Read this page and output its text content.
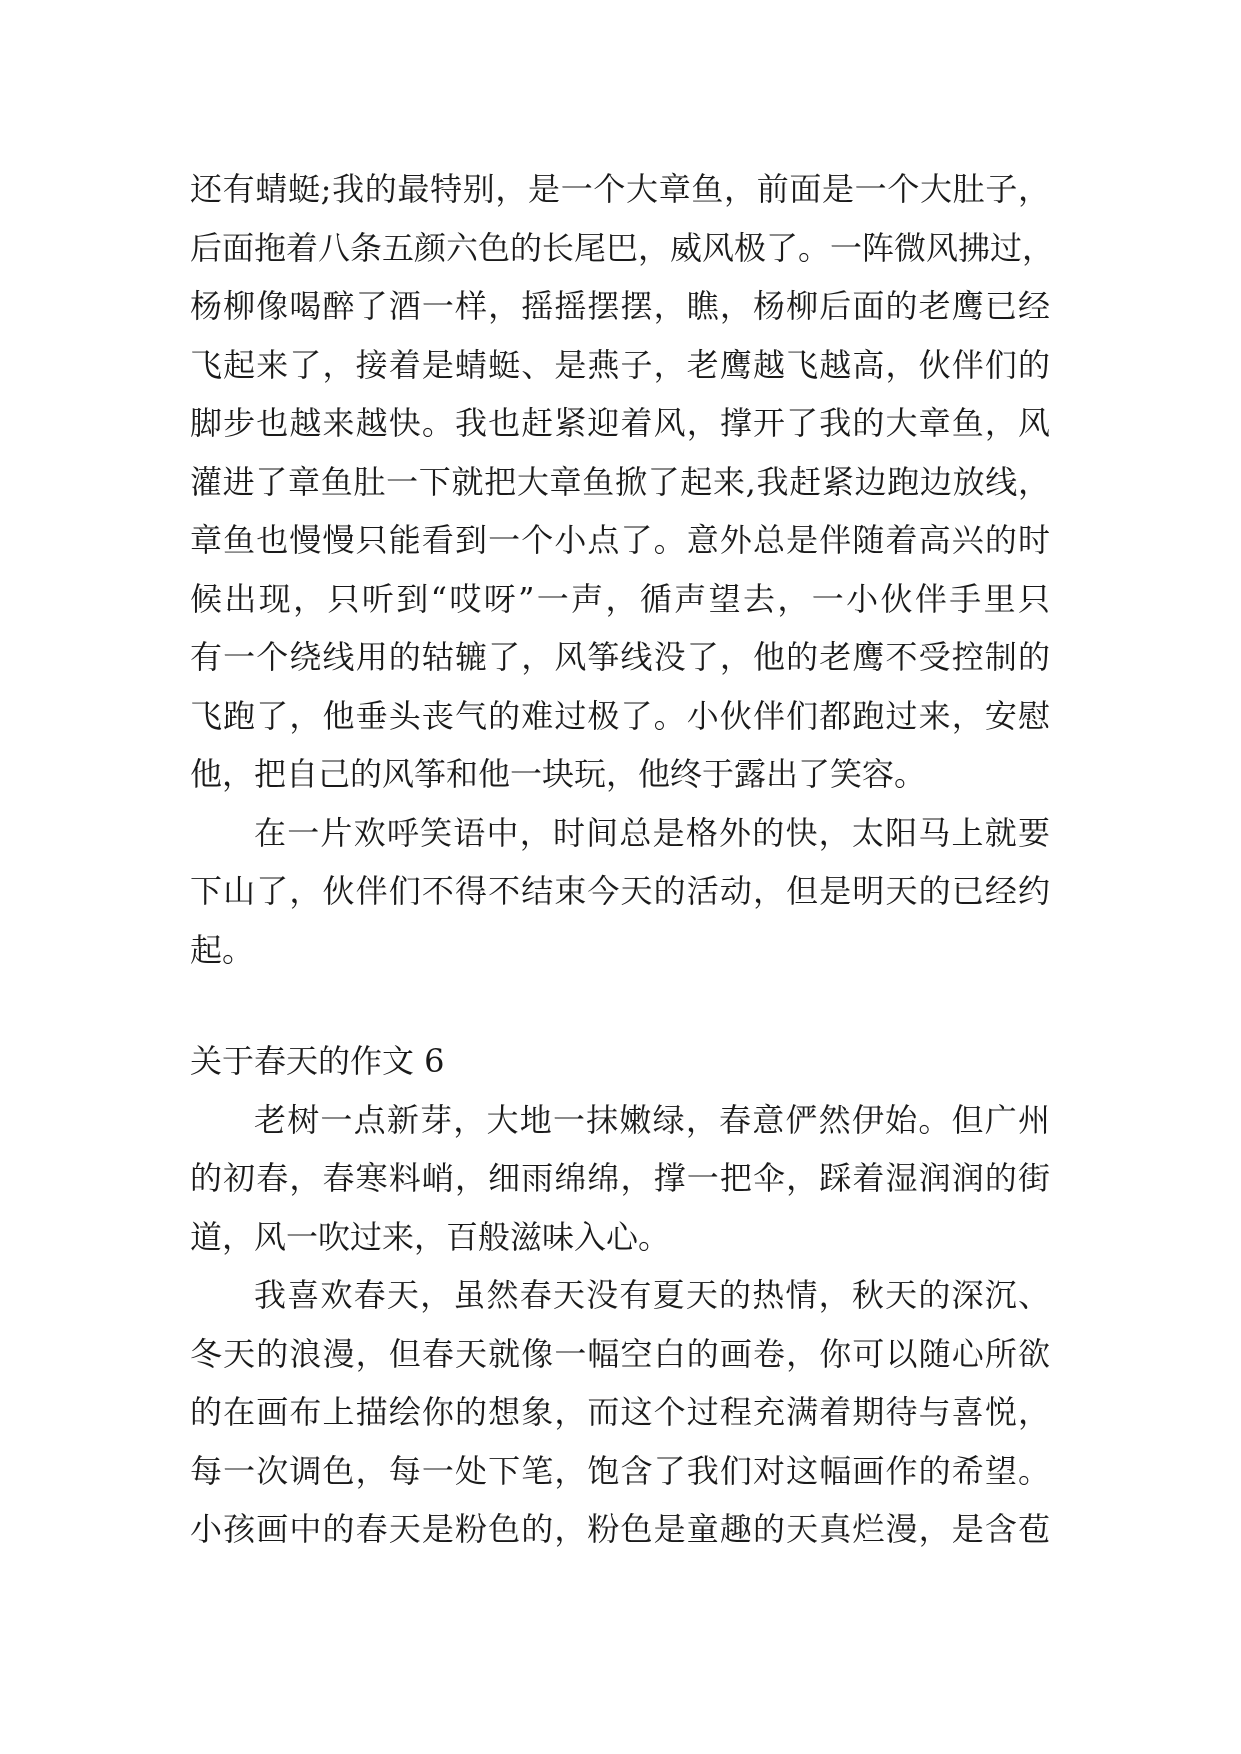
还有蜻蜓;我的最特别，是一个大章鱼，前面是一个大肚子，
后面拖着八条五颜六色的长尾巴，威风极了。一阵微风拂过，
杨柳像喝醉了酒一样，摇摇摆摆，瞧，杨柳后面的老鹰已经
飞起来了，接着是蜻蜓、是燕子，老鹰越飞越高，伙伴们的
脚步也越来越快。我也赶紧迎着风，撑开了我的大章鱼，风
灌进了章鱼肚一下就把大章鱼掀了起来,我赶紧边跑边放线，
章鱼也慢慢只能看到一个小点了。意外总是伴随着高兴的时
候出现，只听到“哎呀”一声，循声望去，一小伙伴手里只
有一个绕线用的轱辘了，风筝线没了，他的老鹰不受控制的
飞跑了，他垂头丧气的难过极了。小伙伴们都跑过来，安慰
他，把自己的风筝和他一块玩，他终于露出了笑容。
在一片欢呼笑语中，时间总是格外的快，太阳马上就要
下山了，伙伴们不得不结束今天的活动，但是明天的已经约
起。
关于春天的作文 6
老树一点新芽，大地一抹嫩绿，春意俨然伊始。但广州
的初春，春寒料峭，细雨绵绵，撑一把伞，踩着湿润润的街
道，风一吹过来，百般滋味入心。
我喜欢春天，虽然春天没有夏天的热情，秋天的深沉、
冬天的浪漫，但春天就像一幅空白的画卷，你可以随心所欲
的在画布上描绘你的想象，而这个过程充满着期待与喜悦，
每一次调色，每一处下笔，饱含了我们对这幅画作的希望。
小孩画中的春天是粉色的，粉色是童趣的天真烂漫，是含苞
